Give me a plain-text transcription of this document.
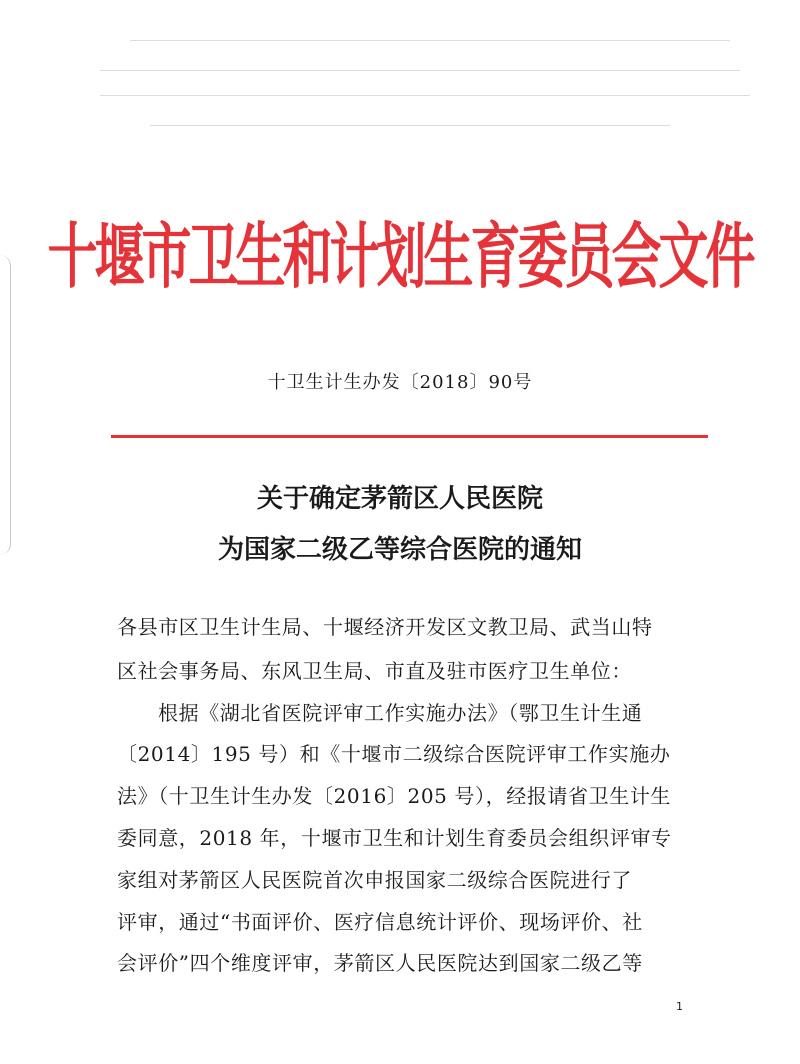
十堰市卫生和计划生育委员会文件
十卫生计生办发〔2018〕90号
关于确定茅箭区人民医院
为国家二级乙等综合医院的通知
各县市区卫生计生局、十堰经济开发区文教卫局、武当山特
区社会事务局、东风卫生局、市直及驻市医疗卫生单位：
根据《湖北省医院评审工作实施办法》（鄂卫生计生通
〔2014〕195 号）和《十堰市二级综合医院评审工作实施办
法》（十卫生计生办发〔2016〕205 号），经报请省卫生计生
委同意，2018 年，十堰市卫生和计划生育委员会组织评审专
家组对茅箭区人民医院首次申报国家二级综合医院进行了
评审，通过“书面评价、医疗信息统计评价、现场评价、社
会评价”四个维度评审，茅箭区人民医院达到国家二级乙等
1
